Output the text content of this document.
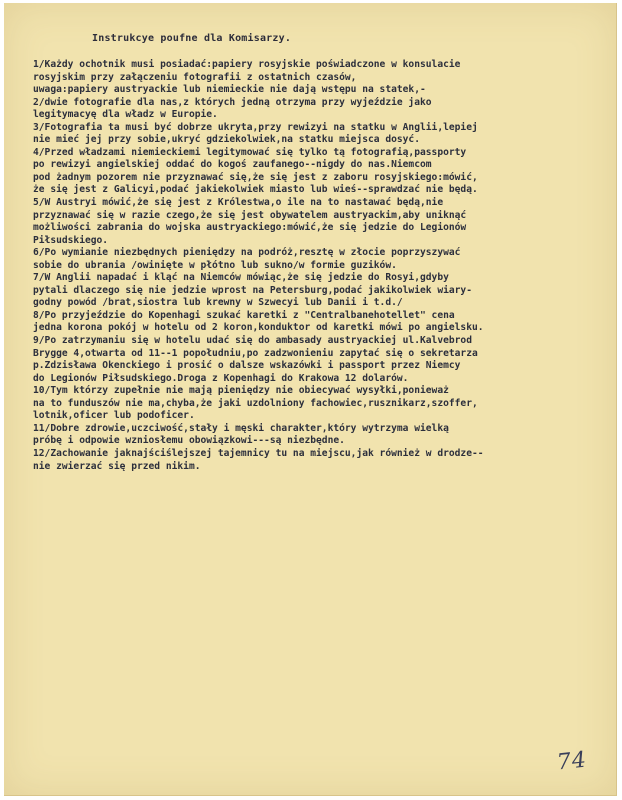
Instrukcye poufne dla Komisarzy.
1/Każdy ochotnik musi posiadać:papiery rosyjskie poświadczone w konsulacie
rosyjskim przy załączeniu fotografii z ostatnich czasów,
uwaga:papiery austryackie lub niemieckie nie dają wstępu na statek,-
2/dwie fotografie dla nas,z których jedną otrzyma przy wyjeździe jako
legitymacyę dla władz w Europie.
3/Fotografia ta musi być dobrze ukryta,przy rewizyi na statku w Anglii,lepiej
nie mieć jej przy sobie,ukryć gdziekolwiek,na statku miejsca dosyć.
4/Przed władzami niemieckiemi legitymować się tylko tą fotografią,passporty
po rewizyi angielskiej oddać do kogoś zaufanego--nigdy do nas.Niemcom
pod żadnym pozorem nie przyznawać się,że się jest z zaboru rosyjskiego:mówić,
że się jest z Galicyi,podać jakiekolwiek miasto lub wieś--sprawdzać nie będą.
5/W Austryi mówić,że się jest z Królestwa,o ile na to nastawać będą,nie
przyznawać się w razie czego,że się jest obywatelem austryackim,aby uniknąć
możliwości zabrania do wojska austryackiego:mówić,że się jedzie do Legionów
Piłsudskiego.
6/Po wymianie niezbędnych pieniędzy na podróż,resztę w złocie poprzyszywać
sobie do ubrania /owinięte w płótno lub sukno/w formie guzików.
7/W Anglii napadać i kląć na Niemców mówiąc,że się jedzie do Rosyi,gdyby
pytali dlaczego się nie jedzie wprost na Petersburg,podać jakikolwiek wiary-
godny powód /brat,siostra lub krewny w Szwecyi lub Danii i t.d./
8/Po przyjeździe do Kopenhagi szukać karetki z "Centralbanehotellet" cena
jedna korona pokój w hotelu od 2 koron,konduktor od karetki mówi po angielsku.
9/Po zatrzymaniu się w hotelu udać się do ambasady austryackiej ul.Kalvebrod
Brygge 4,otwarta od 11--1 popołudniu,po zadzwonieniu zapytać się o sekretarza
p.Zdzisława Okenckiego i prosić o dalsze wskazówki i passport przez Niemcy
do Legionów Piłsudskiego.Droga z Kopenhagi do Krakowa 12 dolarów.
10/Tym którzy zupełnie nie mają pieniędzy nie obiecywać wysyłki,ponieważ
na to funduszów nie ma,chyba,że jaki uzdolniony fachowiec,rusznikarz,szoffer,
lotnik,oficer lub podoficer.
11/Dobre zdrowie,uczciwość,stały i męski charakter,który wytrzyma wielką
próbę i odpowie wzniosłemu obowiązkowi---są niezbędne.
12/Zachowanie jaknajściślejszej tajemnicy tu na miejscu,jak również w drodze--
nie zwierzać się przed nikim.
74
